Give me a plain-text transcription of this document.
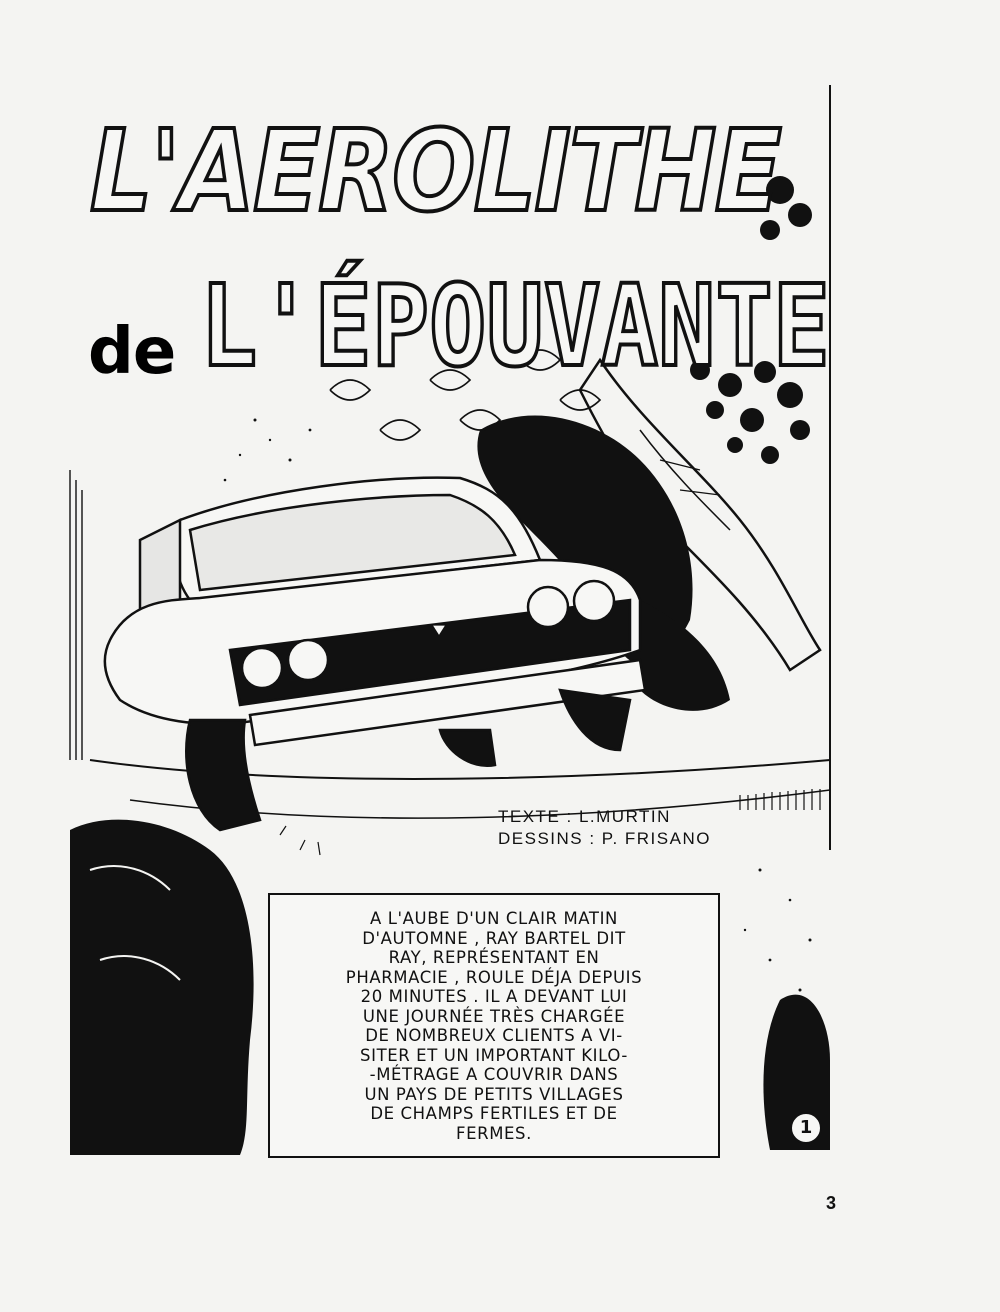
L'AEROLITHE
de L'ÉPOUVANTE
TEXTE : L.MURTIN
DESSINS : P. FRISANO
A L'AUBE D'UN CLAIR MATIN
D'AUTOMNE , RAY BARTEL DIT
RAY, REPRÉSENTANT EN
PHARMACIE , ROULE DÉJA DEPUIS
20 MINUTES . IL A DEVANT LUI
UNE JOURNÉE TRÈS CHARGÉE
DE NOMBREUX CLIENTS A VI-
SITER ET UN IMPORTANT KILO-
-MÉTRAGE A COUVRIR DANS
UN PAYS DE PETITS VILLAGES
DE CHAMPS FERTILES ET DE
FERMES.	1
3
